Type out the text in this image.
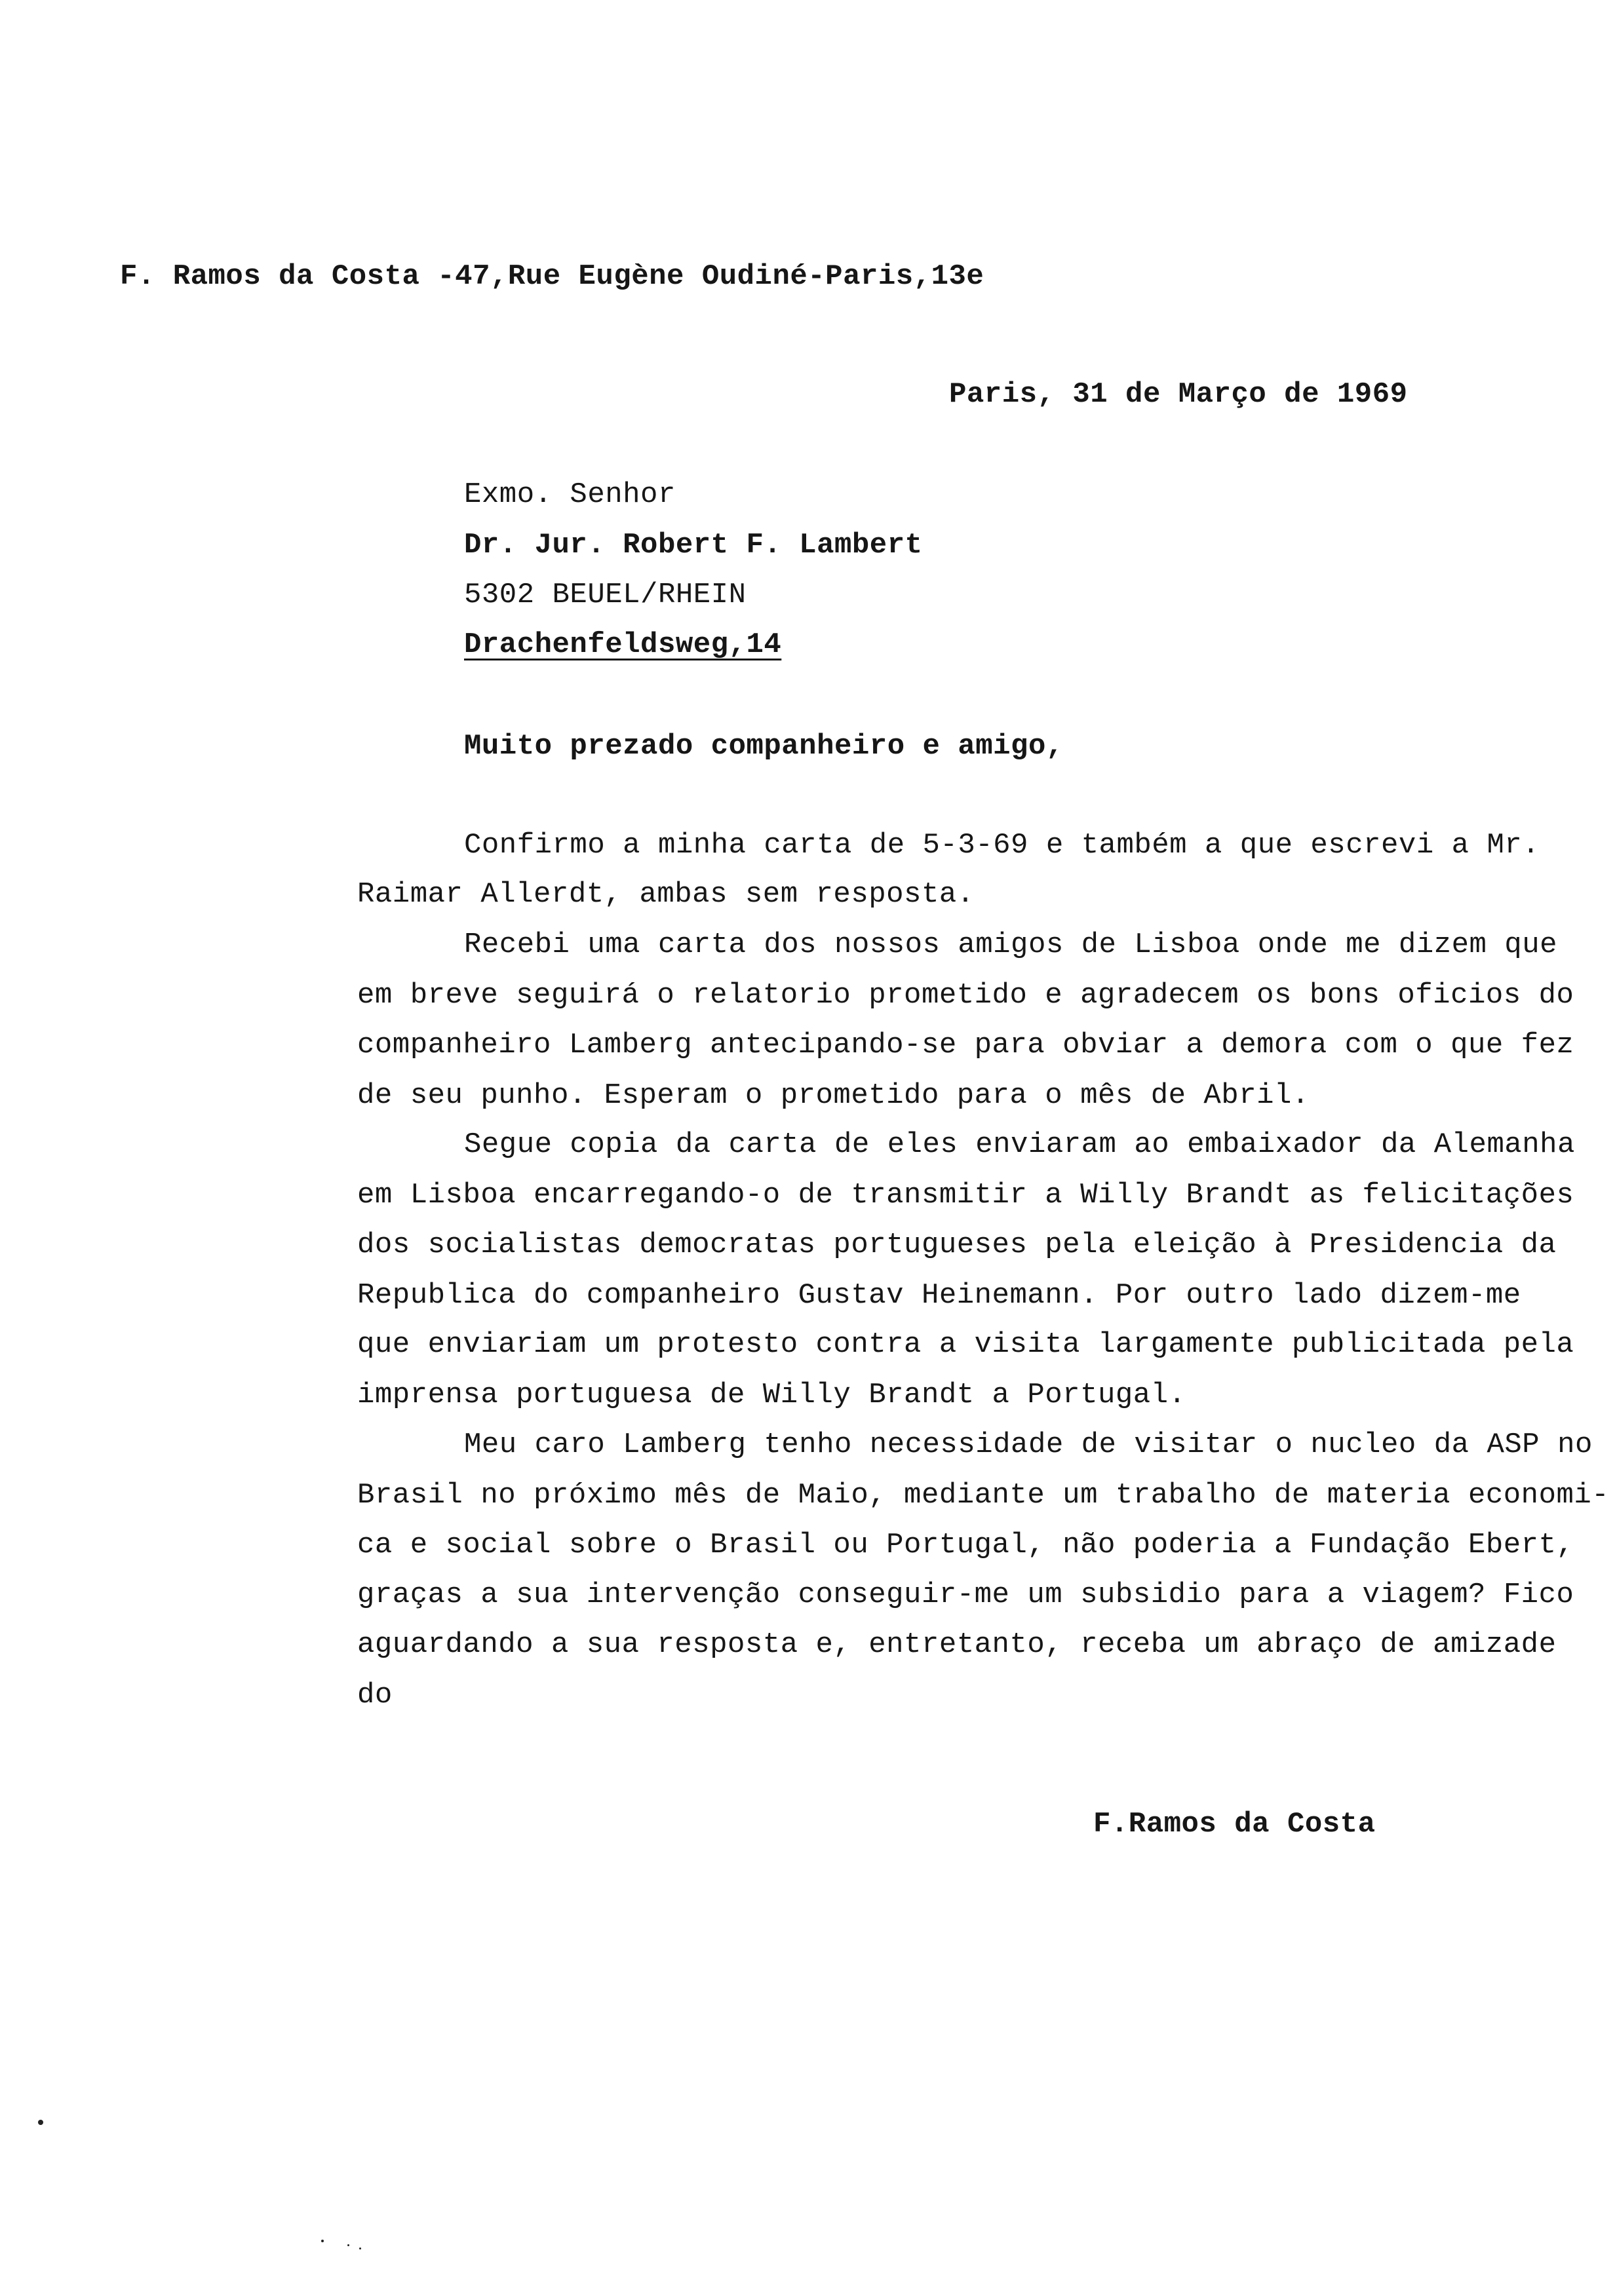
F. Ramos da Costa -47,Rue Eugène Oudiné-Paris,13e
Paris, 31 de Março de 1969
Exmo. Senhor
Dr. Jur. Robert F. Lambert
5302 BEUEL/RHEIN
Drachenfeldsweg,14
Muito prezado companheiro e amigo,
Confirmo a minha carta de 5-3-69 e também a que escrevi a Mr.
Raimar Allerdt, ambas sem resposta.
Recebi uma carta dos nossos amigos de Lisboa onde me dizem que
em breve seguirá o relatorio prometido e agradecem os bons oficios do
companheiro Lamberg antecipando-se para obviar a demora com o que fez
de seu punho. Esperam o prometido para o mês de Abril.
Segue copia da carta de eles enviaram ao embaixador da Alemanha
em Lisboa encarregando-o de transmitir a Willy Brandt as felicitações
dos socialistas democratas portugueses pela eleição à Presidencia da
Republica do companheiro Gustav Heinemann. Por outro lado dizem-me
que enviariam um protesto contra a visita largamente publicitada pela
imprensa portuguesa de Willy Brandt a Portugal.
Meu caro Lamberg tenho necessidade de visitar o nucleo da ASP no
Brasil no próximo mês de Maio, mediante um trabalho de materia economi-
ca e social sobre o Brasil ou Portugal, não poderia a Fundação Ebert,
graças a sua intervenção conseguir-me um subsidio para a viagem? Fico
aguardando a sua resposta e, entretanto, receba um abraço de amizade
do
F.Ramos da Costa
